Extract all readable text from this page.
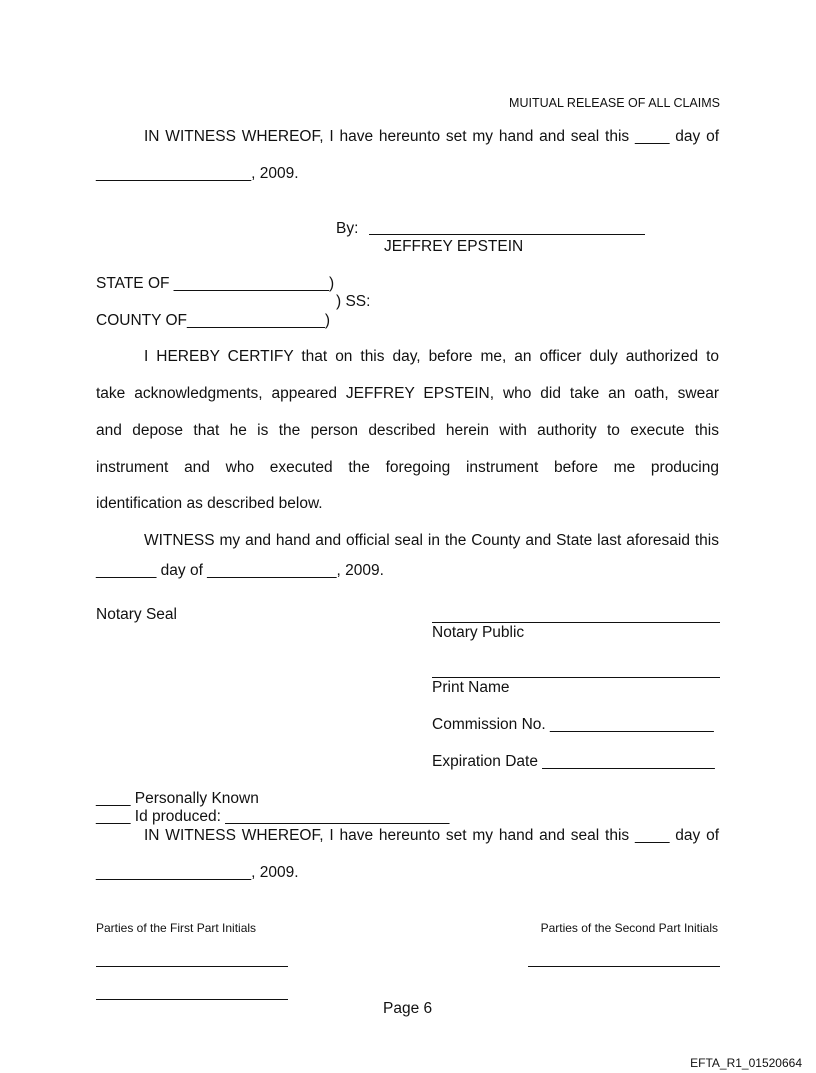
MUITUAL RELEASE OF ALL CLAIMS
IN WITNESS WHEREOF, I have hereunto set my hand and seal this ____ day of
__________________, 2009.
By:
JEFFREY EPSTEIN
STATE OF __________________)
) SS:
COUNTY OF________________)
I HEREBY CERTIFY that on this day, before me, an officer duly authorized to
take acknowledgments, appeared JEFFREY EPSTEIN, who did take an oath, swear
and depose that he is the person described herein with authority to execute this
instrument and who executed the foregoing instrument before me producing
identification as described below.
WITNESS my and hand and official seal in the County and State last aforesaid this
_______ day of _______________, 2009.
Notary Seal
Notary Public
Print Name
Commission No. ___________________
Expiration Date ____________________
____ Personally Known
____ Id produced: __________________________
IN WITNESS WHEREOF, I have hereunto set my hand and seal this ____ day of
__________________, 2009.
Parties of the First Part Initials	Parties of the Second Part Initials
Page 6
EFTA_R1_01520664
